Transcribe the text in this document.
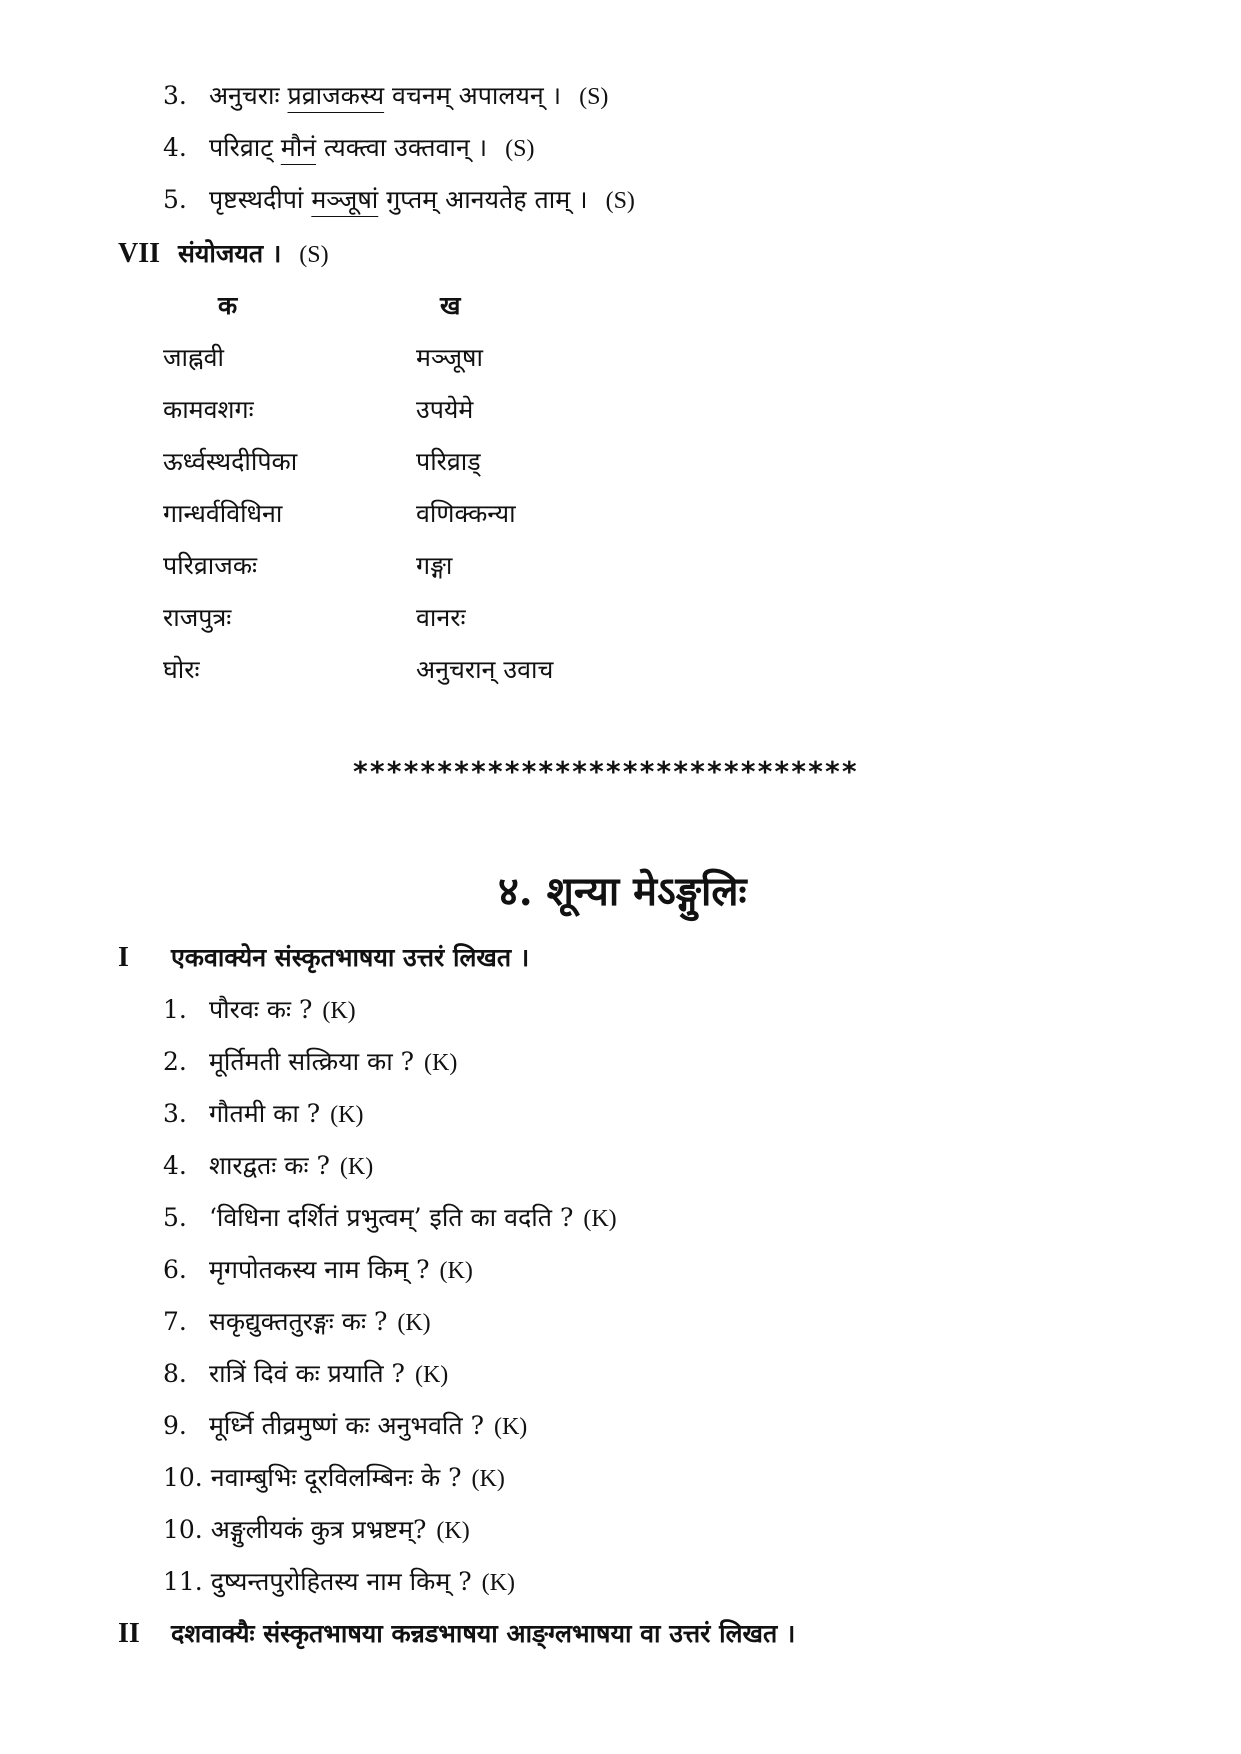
3. अनुचराः प्रव्राजकस्य वचनम् अपालयन् । (S)
4. परिव्राट् मौनं त्यक्त्वा उक्तवान् । (S)
5. पृष्टस्थदीपां मञ्जूषां गुप्तम् आनयतेह ताम् । (S)
VII संयोजयत । (S)
क	ख
जाह्नवी
कामवशगः
ऊर्ध्वस्थदीपिका
गान्धर्वविधिना
परिव्राजकः
राजपुत्रः
घोरः
मञ्जूषा
उपयेमे
परिव्राड्
वणिक्कन्या
गङ्गा
वानरः
अनुचरान् उवाच
******************************
४. शून्या मेऽङ्गुलिः
I एकवाक्येन संस्कृतभाषया उत्तरं लिखत ।
1. पौरवः कः ? (K)
2. मूर्तिमती सत्क्रिया का ? (K)
3. गौतमी का ? (K)
4. शारद्वतः कः ? (K)
5. ‘विधिना दर्शितं प्रभुत्वम्’ इति का वदति ? (K)
6. मृगपोतकस्य नाम किम् ? (K)
7. सकृद्युक्ततुरङ्गः कः ? (K)
8. रात्रिं दिवं कः प्रयाति ? (K)
9. मूर्ध्नि तीव्रमुष्णं कः अनुभवति ? (K)
10. नवाम्बुभिः दूरविलम्बिनः के ? (K)
10. अङ्गुलीयकं कुत्र प्रभ्रष्टम्? (K)
11. दुष्यन्तपुरोहितस्य नाम किम् ? (K)
II दशवाक्यैः संस्कृतभाषया कन्नडभाषया आङ्ग्लभाषया वा उत्तरं लिखत ।
